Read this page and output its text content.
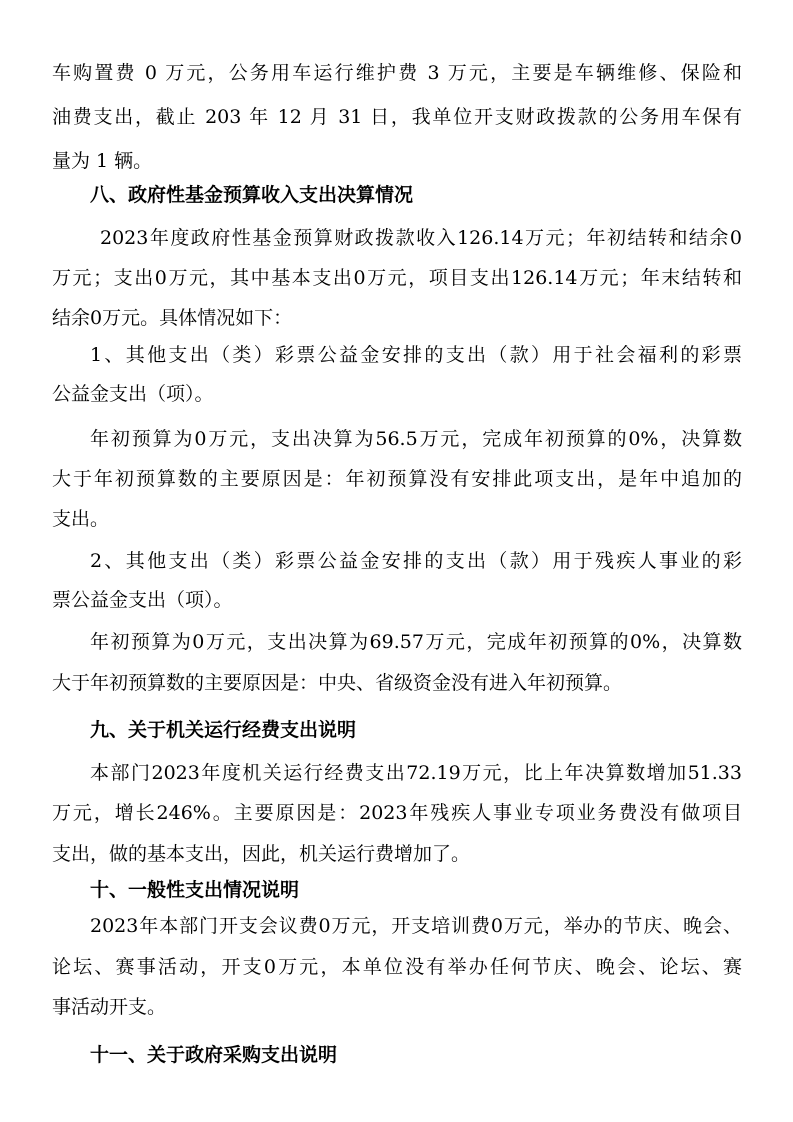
车购置费 0 万元，公务用车运行维护费 3 万元，主要是车辆维修、保险和
油费支出，截止 203 年 12 月 31 日，我单位开支财政拨款的公务用车保有
量为 1 辆。
八、政府性基金预算收入支出决算情况
2023年度政府性基金预算财政拨款收入126.14万元；年初结转和结余0
万元；支出0万元，其中基本支出0万元，项目支出126.14万元；年末结转和
结余0万元。具体情况如下：
1、其他支出（类）彩票公益金安排的支出（款）用于社会福利的彩票
公益金支出（项）。
年初预算为0万元，支出决算为56.5万元，完成年初预算的0%，决算数
大于年初预算数的主要原因是：年初预算没有安排此项支出，是年中追加的
支出。
2、其他支出（类）彩票公益金安排的支出（款）用于残疾人事业的彩
票公益金支出（项）。
年初预算为0万元，支出决算为69.57万元，完成年初预算的0%，决算数
大于年初预算数的主要原因是：中央、省级资金没有进入年初预算。
九、关于机关运行经费支出说明
本部门2023年度机关运行经费支出72.19万元，比上年决算数增加51.33
万元，增长246%。主要原因是：2023年残疾人事业专项业务费没有做项目
支出，做的基本支出，因此，机关运行费增加了。
十、一般性支出情况说明
2023年本部门开支会议费0万元，开支培训费0万元，举办的节庆、晚会、
论坛、赛事活动，开支0万元，本单位没有举办任何节庆、晚会、论坛、赛
事活动开支。
十一、关于政府采购支出说明
